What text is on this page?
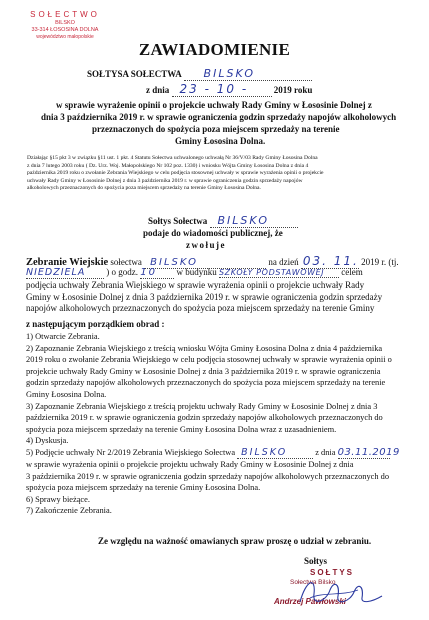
SOŁECTWO
BILSKO
33-314 ŁOSOSINA DOLNA
województwo małopolskie
ZAWIADOMIENIE
SOŁTYSA SOŁECTWA BILSKO
z dnia 23 - 10 -	2019 roku
w sprawie wyrażenie opinii o projekcie uchwały Rady Gminy w Łososinie Dolnej z
dnia 3 października 2019 r. w sprawie ograniczenia godzin sprzedaży napojów alkoholowych
przeznaczonych do spożycia poza miejscem sprzedaży na terenie
Gminy Łososina Dolna.
Działając §15 pkt 3 w związku §11 ust. 1 pkt. 4 Statutu Sołectwa uchwalonego uchwałą Nr 36/V/03 Rady Gminy Łososina Dolna
z dnia 7 lutego 2003 roku ( Dz. Urz. Woj. Małopolskiego Nr 102 poz. 1330) i wniosku Wójta Gminy Łososina Dolna z dnia 4
października 2019 roku o zwołanie Zebrania Wiejskiego w celu podjęcia stosownej uchwały w sprawie wyrażenia opinii o projekcie
uchwały Rady Gminy w Łososinie Dolnej z dnia 3 października 2019 r. w sprawie ograniczenia godzin sprzedaży napojów
alkoholowych przeznaczonych do spożycia poza miejscem sprzedaży na terenie Gminy Łososina Dolna.
Sołtys Sołectwa BILSKO
podaje do wiadomości publicznej, że
zwołuje
Zebranie Wiejskie sołectwa BILSKO	na dzień 03. 11. 2019 r. (tj.
NIEDZIELA ) o godz. 10 w budynku SZKOŁY PODSTAWOWEJ celem
podjęcia uchwały Zebrania Wiejskiego w sprawie wyrażenia opinii o projekcie uchwały Rady
Gminy w Łososinie Dolnej z dnia 3 października 2019 r. w sprawie ograniczenia godzin sprzedaży
napojów alkoholowych przeznaczonych do spożycia poza miejscem sprzedaży na terenie Gminy
z następującym porządkiem obrad :
1) Otwarcie Zebrania.
2) Zapoznanie Zebrania Wiejskiego z treścią wniosku Wójta Gminy Łososina Dolna z dnia 4 października
2019 roku o zwołanie Zebrania Wiejskiego w celu podjęcia stosownej uchwały w sprawie wyrażenia opinii o
projekcie uchwały Rady Gminy w Łososinie Dolnej z dnia 3 października 2019 r. w sprawie ograniczenia
godzin sprzedaży napojów alkoholowych przeznaczonych do spożycia poza miejscem sprzedaży na terenie
Gminy Łososina Dolna.
3) Zapoznanie Zebrania Wiejskiego z treścią projektu uchwały Rady Gminy w Łososinie Dolnej z dnia 3
października 2019 r. w sprawie ograniczenia godzin sprzedaży napojów alkoholowych przeznaczonych do
spożycia poza miejscem sprzedaży na terenie Gminy Łososina Dolna wraz z uzasadnieniem.
4) Dyskusja.
5) Podjęcie uchwały Nr 2/2019 Zebrania Wiejskiego Sołectwa BILSKO	z dnia 03.11.2019
w sprawie wyrażenia opinii o projekcie projektu uchwały Rady Gminy w Łososinie Dolnej z dnia
3 października 2019 r. w sprawie ograniczenia godzin sprzedaży napojów alkoholowych przeznaczonych do
spożycia poza miejscem sprzedaży na terenie Gminy Łososina Dolna.
6) Sprawy bieżące.
7) Zakończenie Zebrania.
Ze względu na ważność omawianych spraw proszę o udział w zebraniu.
Sołtys
SOŁTYS
Sołectwa Bilsko
Andrzej Pawłowski
